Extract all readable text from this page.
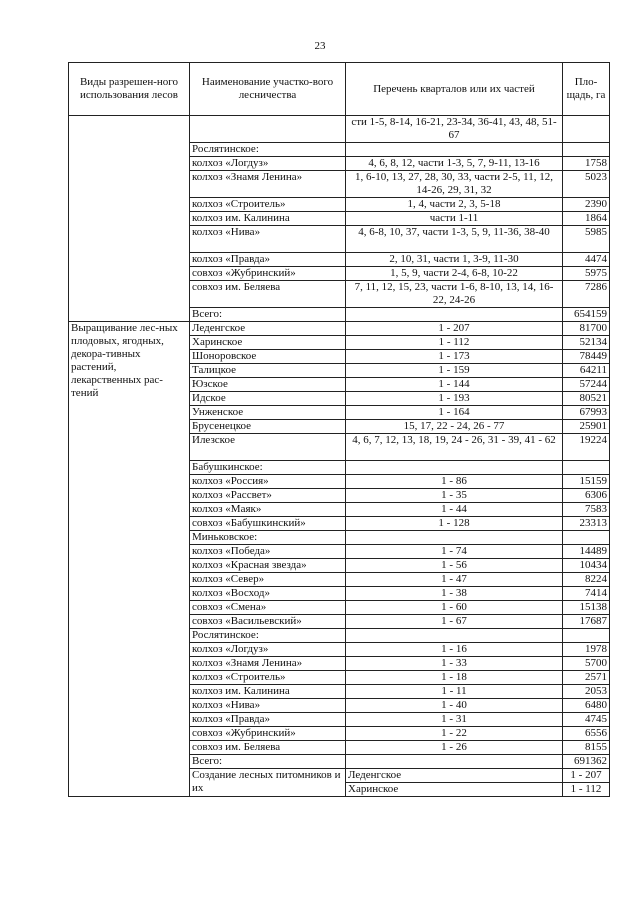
23
Виды разрешен-ного использования лесов	Наименование участко-вого лесничества	Перечень кварталов или их частей	Пло-щадь, га	
		сти 1-5, 8-14, 16-21, 23-34, 36-41, 43, 48, 51-67		
	Рослятинское:			
	колхоз «Логдуз»	4, 6, 8, 12, части 1-3, 5, 7, 9-11, 13-16	1758	
	колхоз «Знамя Ленина»	1, 6-10, 13, 27, 28, 30, 33, части 2-5, 11, 12, 14-26, 29, 31, 32	5023	
	колхоз «Строитель»	1, 4, части 2, 3, 5-18	2390	
	колхоз им. Калинина	части 1-11	1864	
	колхоз «Нива»	4, 6-8, 10, 37, части 1-3, 5, 9, 11-36, 38-40	5985	
	колхоз «Правда»	2, 10, 31, части 1, 3-9, 11-30	4474	
	совхоз «Жубринский»	1, 5, 9, части 2-4, 6-8, 10-22	5975	
	совхоз им. Беляева	7, 11, 12, 15, 23, части 1-6, 8-10, 13, 14, 16-22, 24-26	7286	
	Всего:		654159	
Выращивание лес-ных плодовых, ягодных, декора-тивных растений, лекарственных рас-тений	Леденгское	1 - 207	81700	
	Харинское	1 - 112	52134	
	Шоноровское	1 - 173	78449	
	Талицкое	1 - 159	64211	
	Юзское	1 - 144	57244	
	Идское	1 - 193	80521	
	Унженское	1 - 164	67993	
	Брусенецкое	15, 17, 22 - 24, 26 - 77	25901	
	Илезское	4, 6, 7, 12, 13, 18, 19, 24 - 26, 31 - 39, 41 - 62	19224	
	Бабушкинское:			
	колхоз «Россия»	1 - 86	15159	
	колхоз «Рассвет»	1 - 35	6306	
	колхоз «Маяк»	1 - 44	7583	
	совхоз «Бабушкинский»	1 - 128	23313	
	Миньковское:			
	колхоз «Победа»	1 - 74	14489	
	колхоз «Красная звезда»	1 - 56	10434	
	колхоз «Север»	1 - 47	8224	
	колхоз «Восход»	1 - 38	7414	
	совхоз «Смена»	1 - 60	15138	
	совхоз «Васильевский»	1 - 67	17687	
	Рослятинское:			
	колхоз «Логдуз»	1 - 16	1978	
	колхоз «Знамя Ленина»	1 - 33	5700	
	колхоз «Строитель»	1 - 18	2571	
	колхоз им. Калинина	1 - 11	2053	
	колхоз «Нива»	1 - 40	6480	
	колхоз «Правда»	1 - 31	4745	
	совхоз «Жубринский»	1 - 22	6556	
	совхоз им. Беляева	1 - 26	8155	
	Всего:		691362	
	Создание лесных питомников и их	Леденгское	1 - 207	
		Харинское	1 - 112	
